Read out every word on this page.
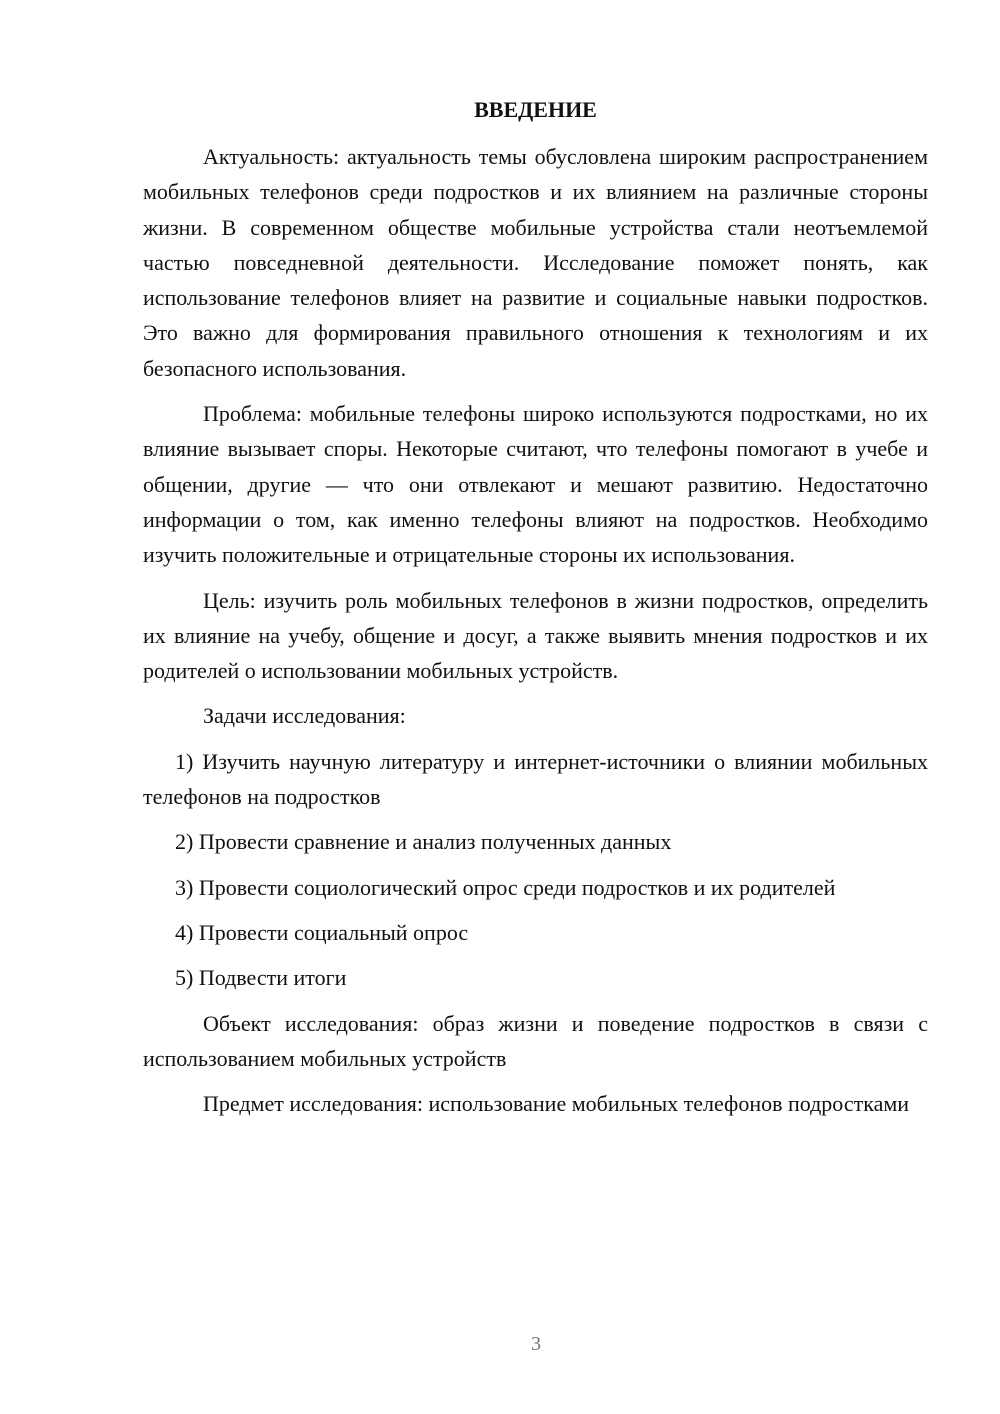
ВВЕДЕНИЕ

Актуальность: актуальность темы обусловлена широким распространением мобильных телефонов среди подростков и их влиянием на различные стороны жизни. В современном обществе мобильные устройства стали неотъемлемой частью повседневной деятельности. Исследование поможет понять, как использование телефонов влияет на развитие и социальные навыки подростков. Это важно для формирования правильного отношения к технологиям и их безопасного использования.

Проблема: мобильные телефоны широко используются подростками, но их влияние вызывает споры. Некоторые считают, что телефоны помогают в учебе и общении, другие — что они отвлекают и мешают развитию. Недостаточно информации о том, как именно телефоны влияют на подростков. Необходимо изучить положительные и отрицательные стороны их использования.

Цель: изучить роль мобильных телефонов в жизни подростков, определить их влияние на учебу, общение и досуг, а также выявить мнения подростков и их родителей о использовании мобильных устройств.

Задачи исследования:

1) Изучить научную литературу и интернет-источники о влиянии мобильных телефонов на подростков

2) Провести сравнение и анализ полученных данных

3) Провести социологический опрос среди подростков и их родителей

4) Провести социальный опрос

5) Подвести итоги

Объект исследования: образ жизни и поведение подростков в связи с использованием мобильных устройств

Предмет исследования: использование мобильных телефонов подростками

3
